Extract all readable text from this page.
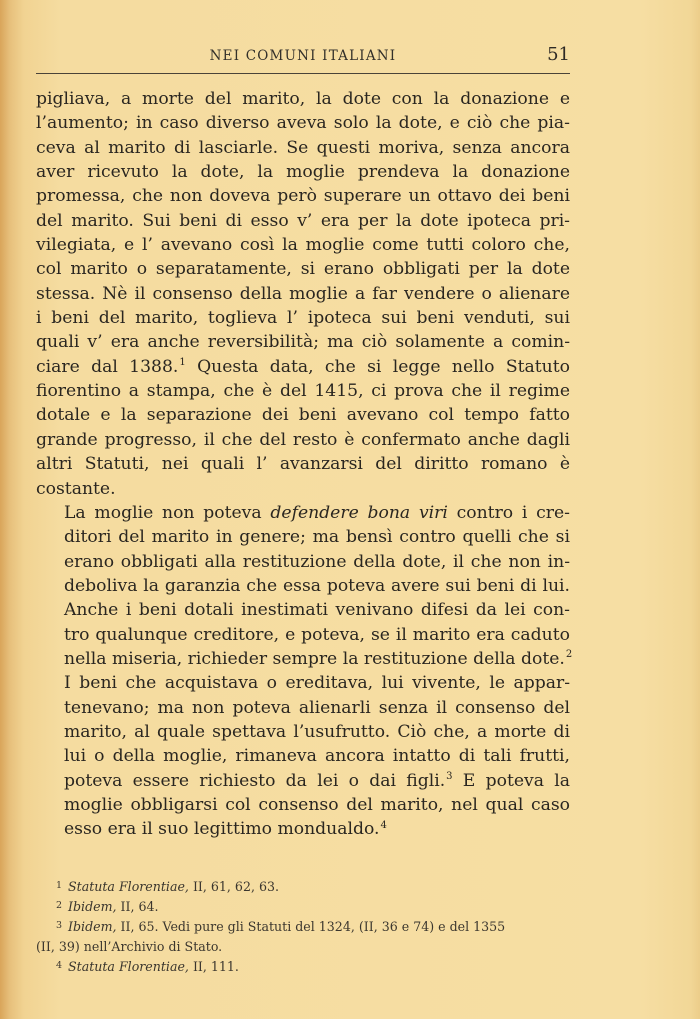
NEI COMUNI ITALIANI	51

pigliava, a morte del marito, la dote con la donazione e
l’aumento; in caso diverso aveva solo la dote, e ciò che pia-
ceva al marito di lasciarle. Se questi moriva, senza ancora
aver ricevuto la dote, la moglie prendeva la donazione
promessa, che non doveva però superare un ottavo dei beni
del marito. Sui beni di esso v’ era per la dote ipoteca pri-
vilegiata, e l’ avevano così la moglie come tutti coloro che,
col marito o separatamente, si erano obbligati per la dote
stessa. Nè il consenso della moglie a far vendere o alienare
i beni del marito, toglieva l’ ipoteca sui beni venduti, sui
quali v’ era anche reversibilità; ma ciò solamente a comin-
ciare dal 1388.$^1$ Questa data, che si legge nello Statuto
fiorentino a stampa, che è del 1415, ci prova che il regime
dotale e la separazione dei beni avevano col tempo fatto
grande progresso, il che del resto è confermato anche dagli
altri Statuti, nei quali l’ avanzarsi del diritto romano è
costante.

La moglie non poteva defendere bona viri contro i cre-
ditori del marito in genere; ma bensì contro quelli che si
erano obbligati alla restituzione della dote, il che non in-
deboliva la garanzia che essa poteva avere sui beni di lui.
Anche i beni dotali inestimati venivano difesi da lei con-
tro qualunque creditore, e poteva, se il marito era caduto
nella miseria, richieder sempre la restituzione della dote.$^2$
I beni che acquistava o ereditava, lui vivente, le appar-
tenevano; ma non poteva alienarli senza il consenso del
marito, al quale spettava l’usufrutto. Ciò che, a morte di
lui o della moglie, rimaneva ancora intatto di tali frutti,
poteva essere richiesto da lei o dai figli.$^3$ E poteva la
moglie obbligarsi col consenso del marito, nel qual caso
esso era il suo legittimo mondualdo.$^4$

1 Statuta Florentiae, II, 61, 62, 63.
2 Ibidem, II, 64.
3 Ibidem, II, 65. Vedi pure gli Statuti del 1324, (II, 36 e 74) e del 1355
(II, 39) nell’Archivio di Stato.
4 Statuta Florentiae, II, 111.
